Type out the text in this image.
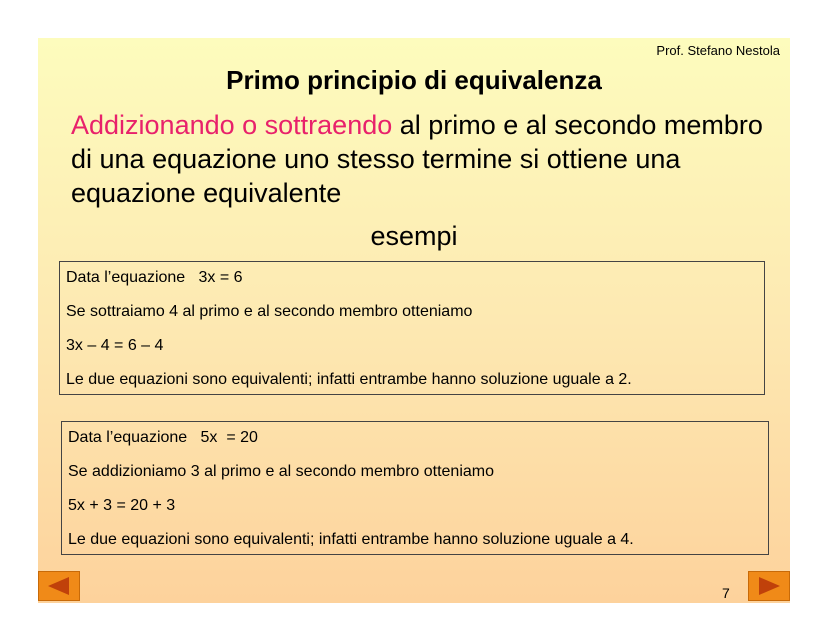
Prof. Stefano Nestola
Primo principio di equivalenza
Addizionando o sottraendo al primo e al secondo membro di una equazione uno stesso termine si ottiene una equazione equivalente
esempi
Data l’equazione   3x = 6
Se sottraiamo 4 al primo e al secondo membro otteniamo
3x – 4 = 6 – 4
Le due equazioni sono equivalenti; infatti entrambe hanno soluzione uguale a 2.
Data l’equazione   5x  = 20
Se addizioniamo 3 al primo e al secondo membro otteniamo
5x + 3 = 20 + 3
Le due equazioni sono equivalenti; infatti entrambe hanno soluzione uguale a 4.
7
